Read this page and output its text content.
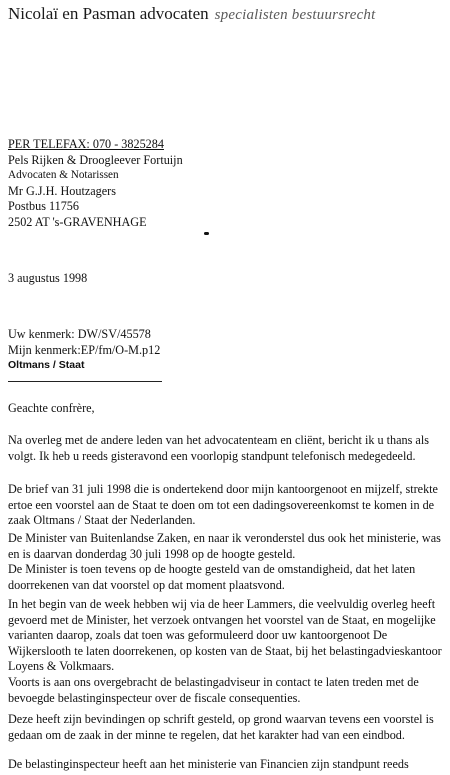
Nicolaï en Pasman advocaten specialisten bestuursrecht
PER TELEFAX: 070 - 3825284
Pels Rijken & Droogleever Fortuijn
Advocaten & Notarissen
Mr G.J.H. Houtzagers
Postbus 11756
2502 AT 's-GRAVENHAGE
3 augustus 1998
Uw kenmerk: DW/SV/45578
Mijn kenmerk:EP/fm/O-M.p12
Oltmans / Staat
Geachte confrère,
Na overleg met de andere leden van het advocatenteam en cliënt, bericht ik u thans als
volgt. Ik heb u reeds gisteravond een voorlopig standpunt telefonisch medegedeeld.
De brief van 31 juli 1998 die is ondertekend door mijn kantoorgenoot en mijzelf, strekte
ertoe een voorstel aan de Staat te doen om tot een dadingsovereenkomst te komen in de
zaak Oltmans / Staat der Nederlanden.
De Minister van Buitenlandse Zaken, en naar ik veronderstel dus ook het ministerie, was
en is daarvan donderdag 30 juli 1998 op de hoogte gesteld.
De Minister is toen tevens op de hoogte gesteld van de omstandigheid, dat het laten
doorrekenen van dat voorstel op dat moment plaatsvond.
In het begin van de week hebben wij via de heer Lammers, die veelvuldig overleg heeft
gevoerd met de Minister, het verzoek ontvangen het voorstel van de Staat, en mogelijke
varianten daarop, zoals dat toen was geformuleerd door uw kantoorgenoot De
Wijkerslooth te laten doorrekenen, op kosten van de Staat, bij het belastingadvieskantoor
Loyens & Volkmaars.
Voorts is aan ons overgebracht de belastingadviseur in contact te laten treden met de
bevoegde belastinginspecteur over de fiscale consequenties.
Deze heeft zijn bevindingen op schrift gesteld, op grond waarvan tevens een voorstel is
gedaan om de zaak in der minne te regelen, dat het karakter had van een eindbod.
De belastinginspecteur heeft aan het ministerie van Financien zijn standpunt reeds
